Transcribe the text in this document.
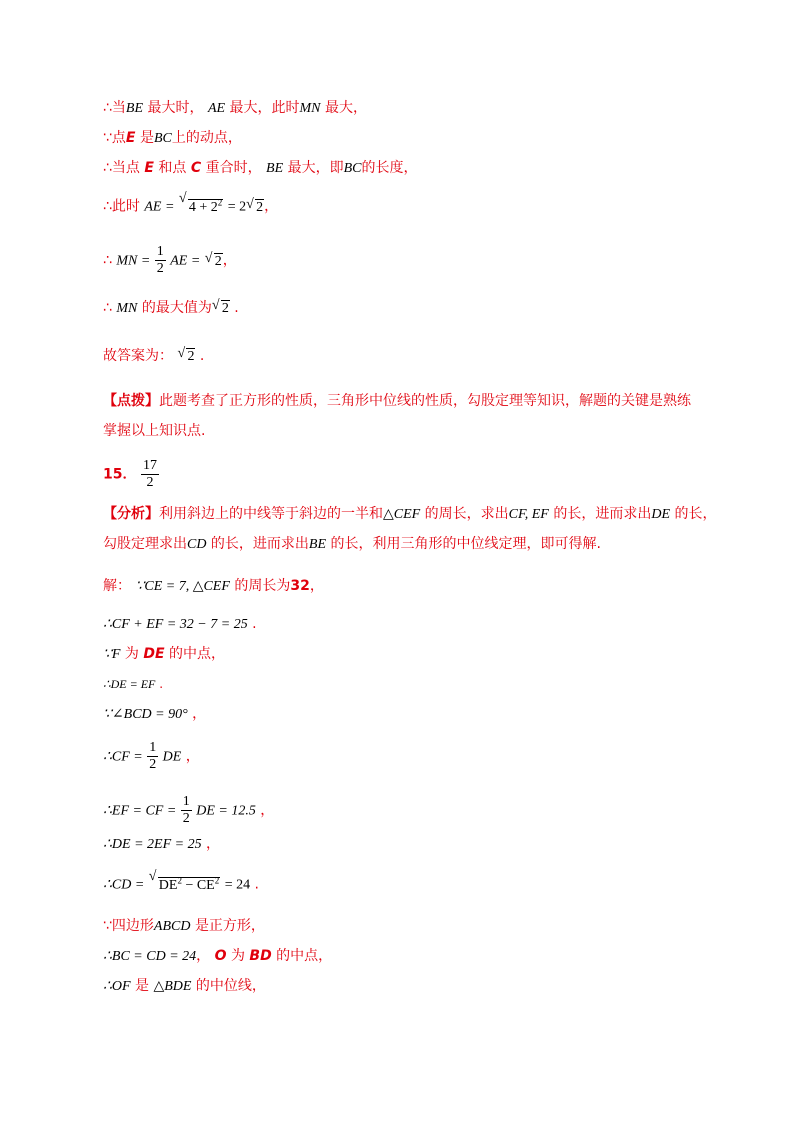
∴当BE 最大时， AE 最大，此时MN 最大，
∵点E 是BC上的动点，
∴当点 E 和点 C 重合时， BE 最大，即BC的长度，
∴此时 AE =
√
$4 + 2^2 = 2$ √ 2，
∴ MN = $\frac{1}{2}$ AE = √ 2，
∴ MN 的最大值为 √ 2 .
故答案为： √ 2 .
【点拨】此题考查了正方形的性质，三角形中位线的性质，勾股定理等知识，解题的关键是熟练掌握以上知识点.
15． $\frac{17}{2}$
【分析】利用斜边上的中线等于斜边的一半和△CEF 的周长，求出CF, EF 的长，进而求出DE 的长，
勾股定理求出CD 的长，进而求出BE 的长，利用三角形的中位线定理，即可得解.
解： ∵CE = 7, △CEF 的周长为32，
∴CF + EF = 32 − 7 = 25 .
∵F 为 DE 的中点，
∴DE = EF .
∵∠BCD = 90° ，
∴CF = $\frac{1}{2}$ DE ，
∴EF = CF = $\frac{1}{2}$ DE = 12.5 ，
∴DE = 2EF = 25 ，
∴CD =
√
$DE^2 - CE^2 = 24$ .
∵四边形ABCD 是正方形，
∴BC = CD = 24， O 为 BD 的中点，
∴OF 是 △BDE 的中位线，
